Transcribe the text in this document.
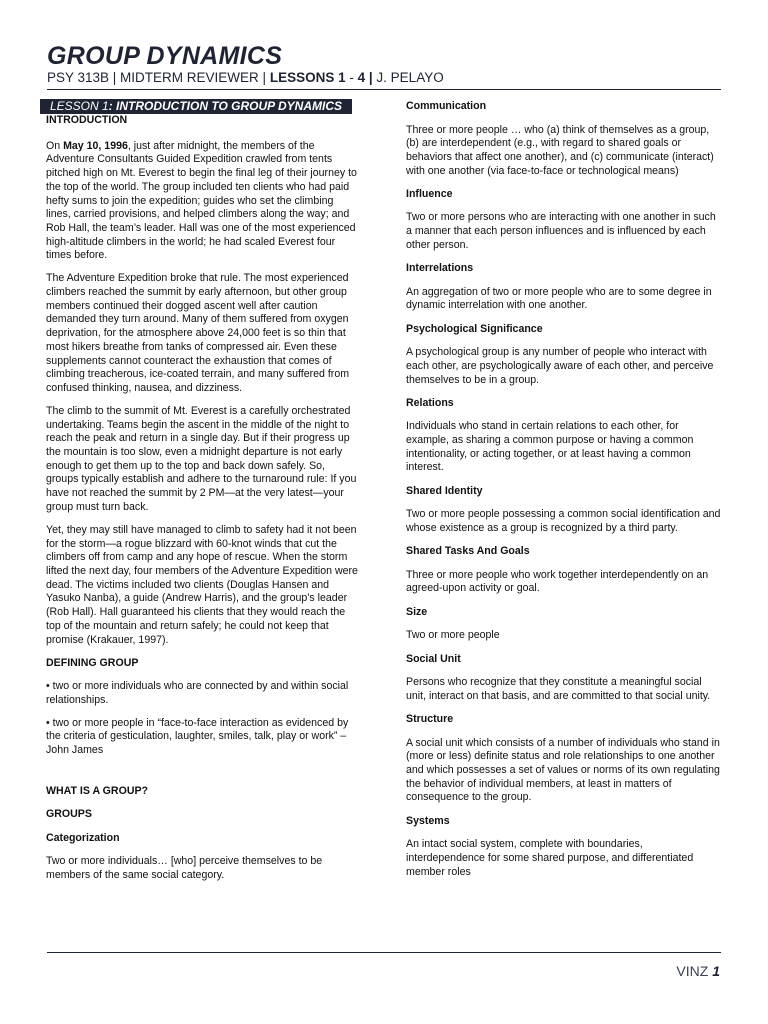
GROUP DYNAMICS
PSY 313B | MIDTERM REVIEWER | LESSONS 1 - 4 | J. PELAYO
LESSON 1: INTRODUCTION TO GROUP DYNAMICS
INTRODUCTION

On May 10, 1996, just after midnight, the members of the Adventure Consultants Guided Expedition crawled from tents pitched high on Mt. Everest to begin the final leg of their journey to the top of the world. The group included ten clients who had paid hefty sums to join the expedition; guides who set the climbing lines, carried provisions, and helped climbers along the way; and Rob Hall, the team’s leader. Hall was one of the most experienced high-altitude climbers in the world; he had scaled Everest four times before.

The Adventure Expedition broke that rule. The most experienced climbers reached the summit by early afternoon, but other group members continued their dogged ascent well after caution demanded they turn around. Many of them suffered from oxygen deprivation, for the atmosphere above 24,000 feet is so thin that most hikers breathe from tanks of compressed air. Even these supplements cannot counteract the exhaustion that comes of climbing treacherous, ice-coated terrain, and many suffered from confused thinking, nausea, and dizziness.

The climb to the summit of Mt. Everest is a carefully orchestrated undertaking. Teams begin the ascent in the middle of the night to reach the peak and return in a single day. But if their progress up the mountain is too slow, even a midnight departure is not early enough to get them up to the top and back down safely. So, groups typically establish and adhere to the turnaround rule: If you have not reached the summit by 2 PM—at the very latest—your group must turn back.

Yet, they may still have managed to climb to safety had it not been for the storm—a rogue blizzard with 60-knot winds that cut the climbers off from camp and any hope of rescue. When the storm lifted the next day, four members of the Adventure Expedition were dead. The victims included two clients (Douglas Hansen and Yasuko Nanba), a guide (Andrew Harris), and the group’s leader (Rob Hall). Hall guaranteed his clients that they would reach the top of the mountain and return safely; he could not keep that promise (Krakauer, 1997).

DEFINING GROUP

• two or more individuals who are connected by and within social relationships.

• two or more people in “face-to-face interaction as evidenced by the criteria of gesticulation, laughter, smiles, talk, play or work” – John James

WHAT IS A GROUP?
GROUPS
Categorization

Two or more individuals… [who] perceive themselves to be members of the same social category.

Communication

Three or more people … who (a) think of themselves as a group, (b) are interdependent (e.g., with regard to shared goals or behaviors that affect one another), and (c) communicate (interact) with one another (via face-to-face or technological means)

Influence

Two or more persons who are interacting with one another in such a manner that each person influences and is influenced by each other person.

Interrelations

An aggregation of two or more people who are to some degree in dynamic interrelation with one another.

Psychological Significance

A psychological group is any number of people who interact with each other, are psychologically aware of each other, and perceive themselves to be in a group.

Relations

Individuals who stand in certain relations to each other, for example, as sharing a common purpose or having a common intentionality, or acting together, or at least having a common interest.

Shared Identity

Two or more people possessing a common social identification and whose existence as a group is recognized by a third party.

Shared Tasks And Goals

Three or more people who work together interdependently on an agreed-upon activity or goal.

Size

Two or more people

Social Unit

Persons who recognize that they constitute a meaningful social unit, interact on that basis, and are committed to that social unity.

Structure

A social unit which consists of a number of individuals who stand in (more or less) definite status and role relationships to one another and which possesses a set of values or norms of its own regulating the behavior of individual members, at least in matters of consequence to the group.

Systems

An intact social system, complete with boundaries, interdependence for some shared purpose, and differentiated member roles

VINZ 1
